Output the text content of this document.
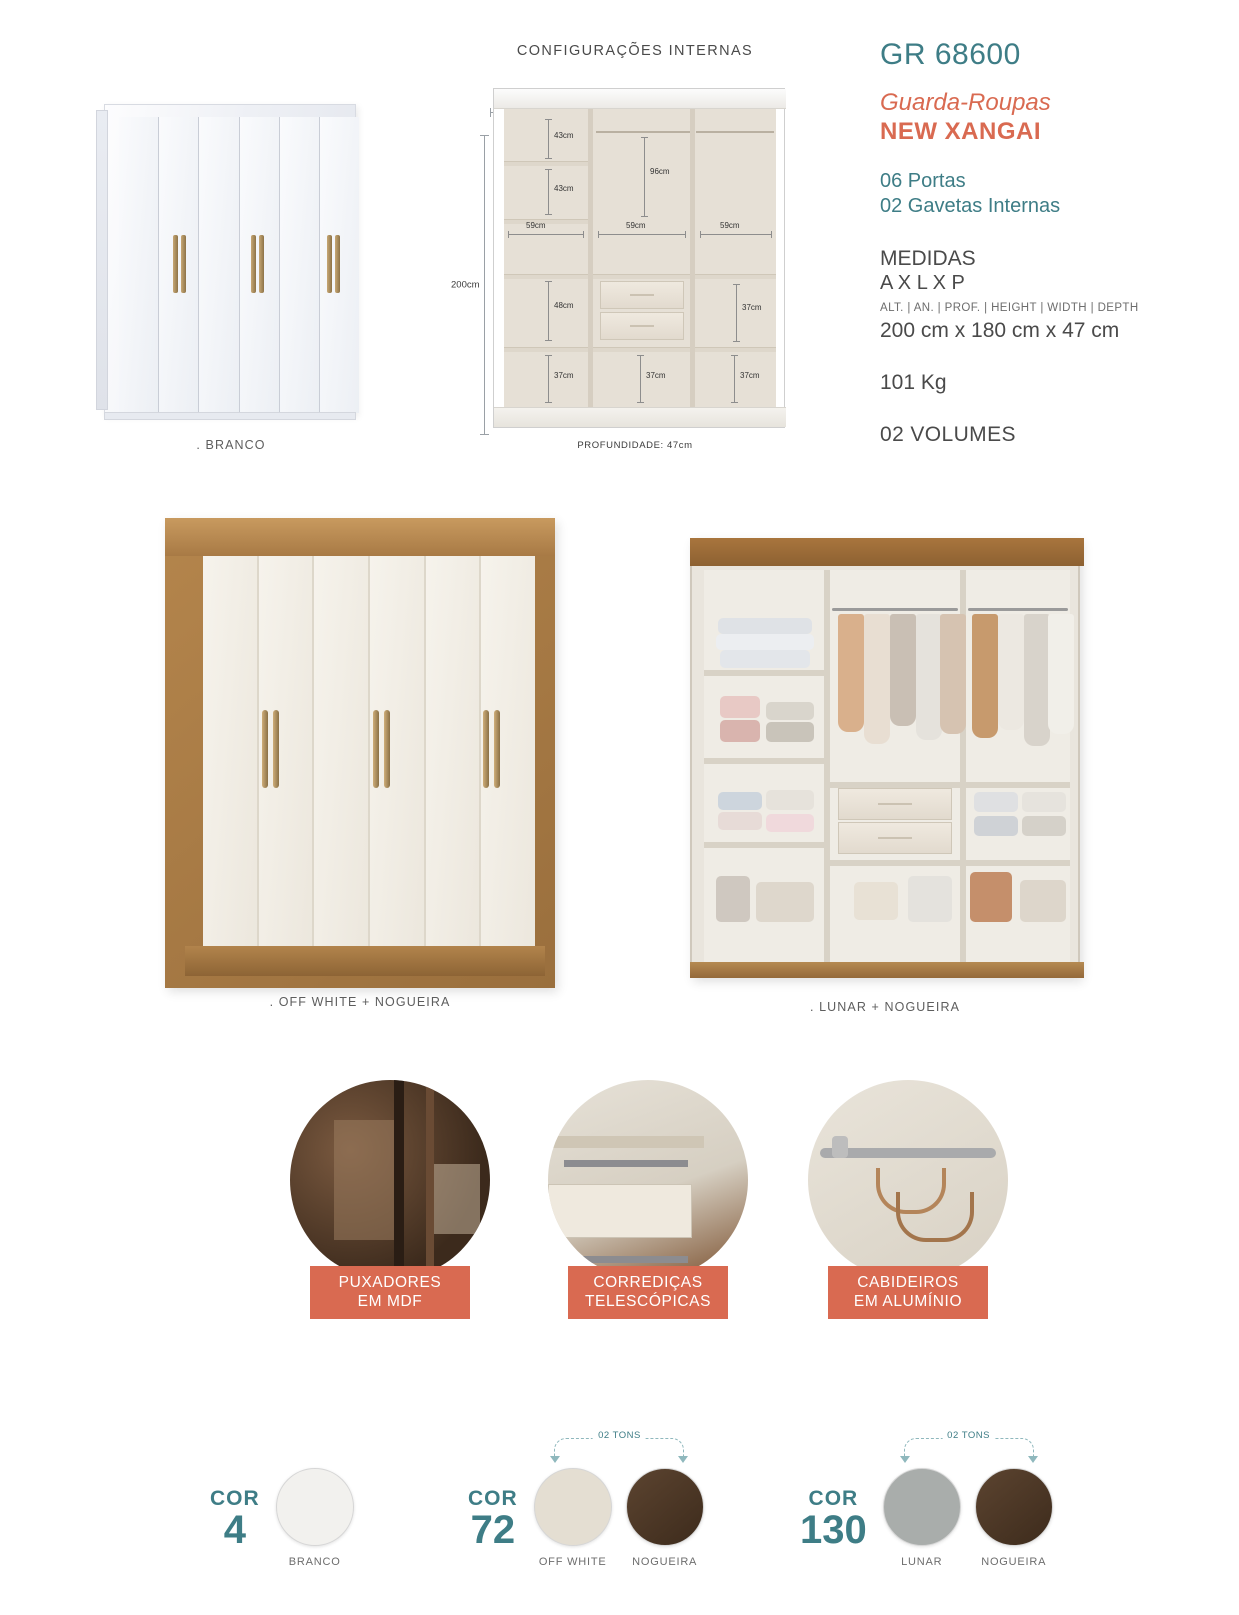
. BRANCO
CONFIGURAÇÕES INTERNAS
200cm
43cm
96cm
43cm
59cm	59cm	59cm
48cm	37cm
37cm	37cm	37cm
PROFUNDIDADE: 47cm
GR 68600
Guarda-Roupas
NEW XANGAI
06 Portas
02 Gavetas Internas
MEDIDAS
A X L X P
ALT. | AN. | PROF. | HEIGHT | WIDTH | DEPTH
200 cm x 180 cm x 47 cm
101 Kg
02 VOLUMES
. OFF WHITE + NOGUEIRA	. LUNAR + NOGUEIRA
PUXADORES
EM MDF
CORREDIÇAS
TELESCÓPICAS
CABIDEIROS
EM ALUMÍNIO
COR
4
BRANCO
COR
72
02 TONS
OFF WHITE	NOGUEIRA
COR
130
02 TONS
LUNAR	NOGUEIRA
